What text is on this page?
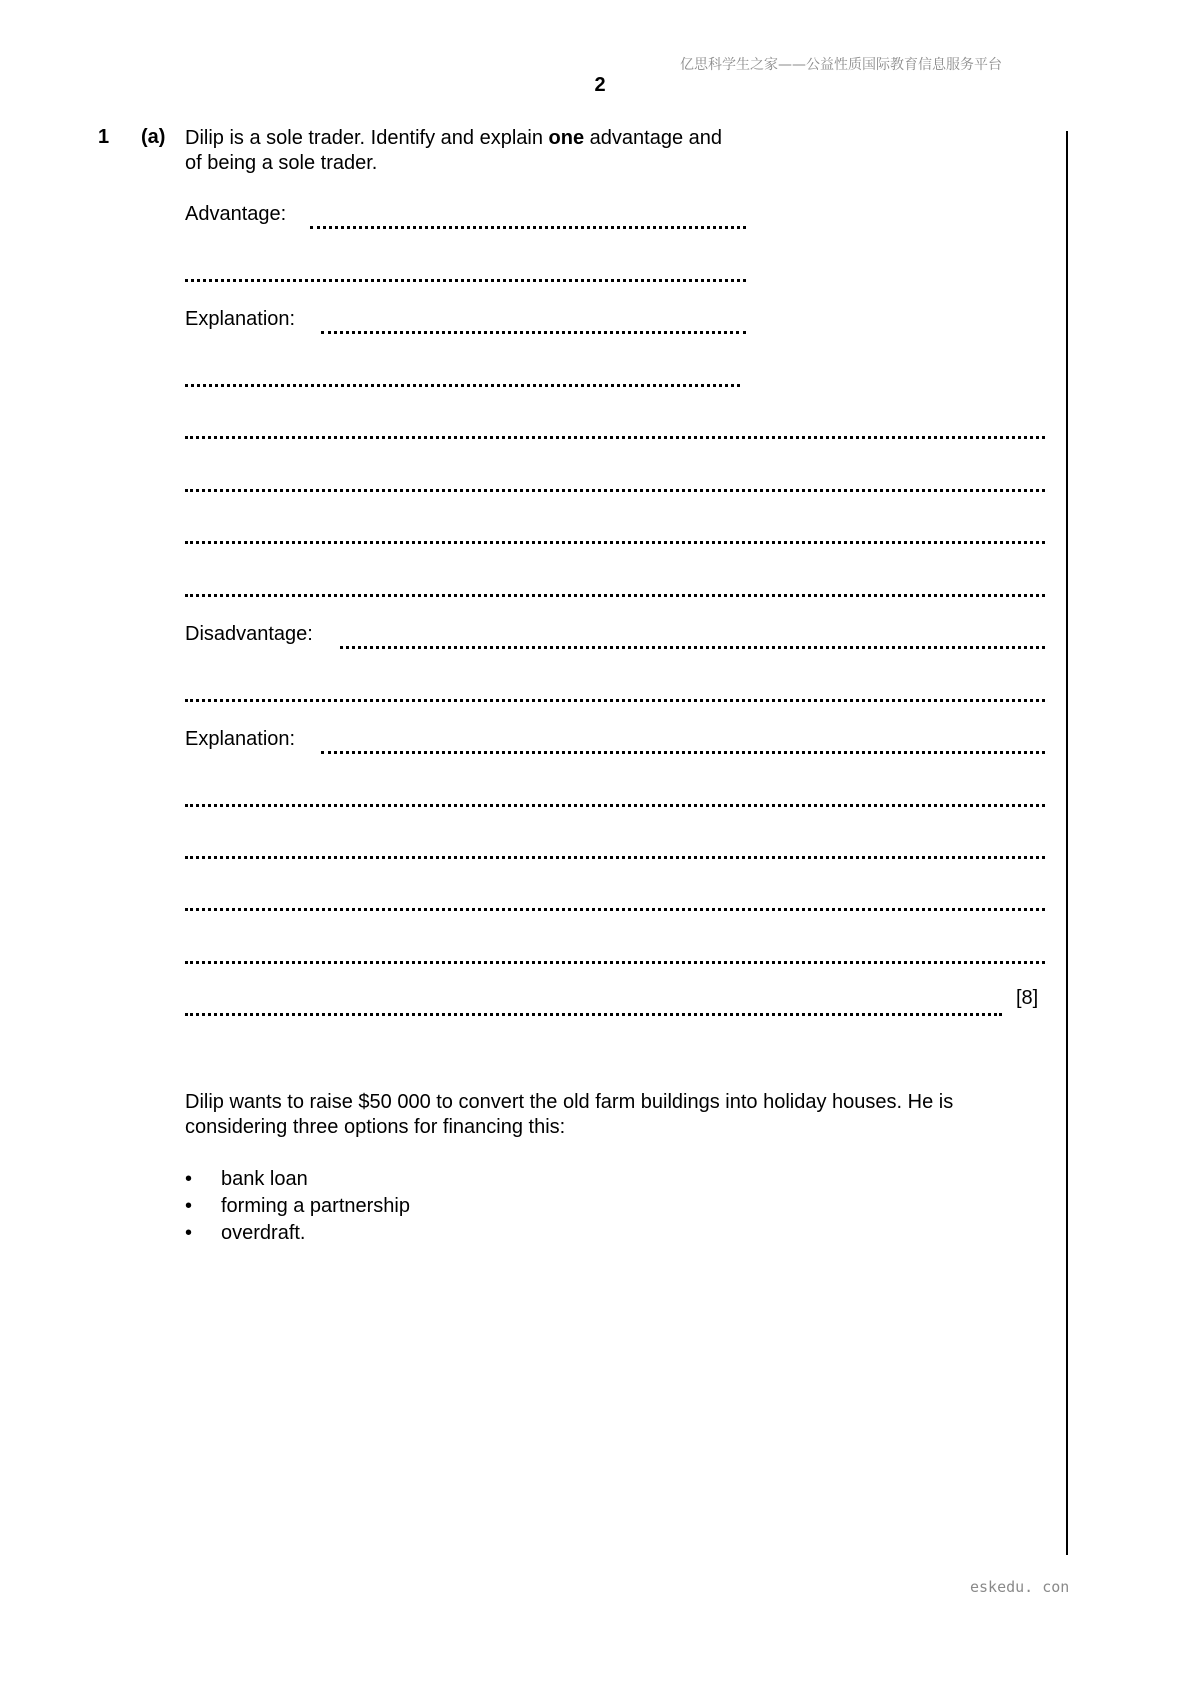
亿思科学生之家——公益性质国际教育信息服务平台
2
1 (a) Dilip is a sole trader. Identify and explain one advantage and
of being a sole trader.
Advantage:
Explanation:
Disadvantage:
Explanation:
[8]
Dilip wants to raise $50 000 to convert the old farm buildings into holiday houses. He is considering three options for financing this:
• bank loan
• forming a partnership
• overdraft.
eskedu. con
